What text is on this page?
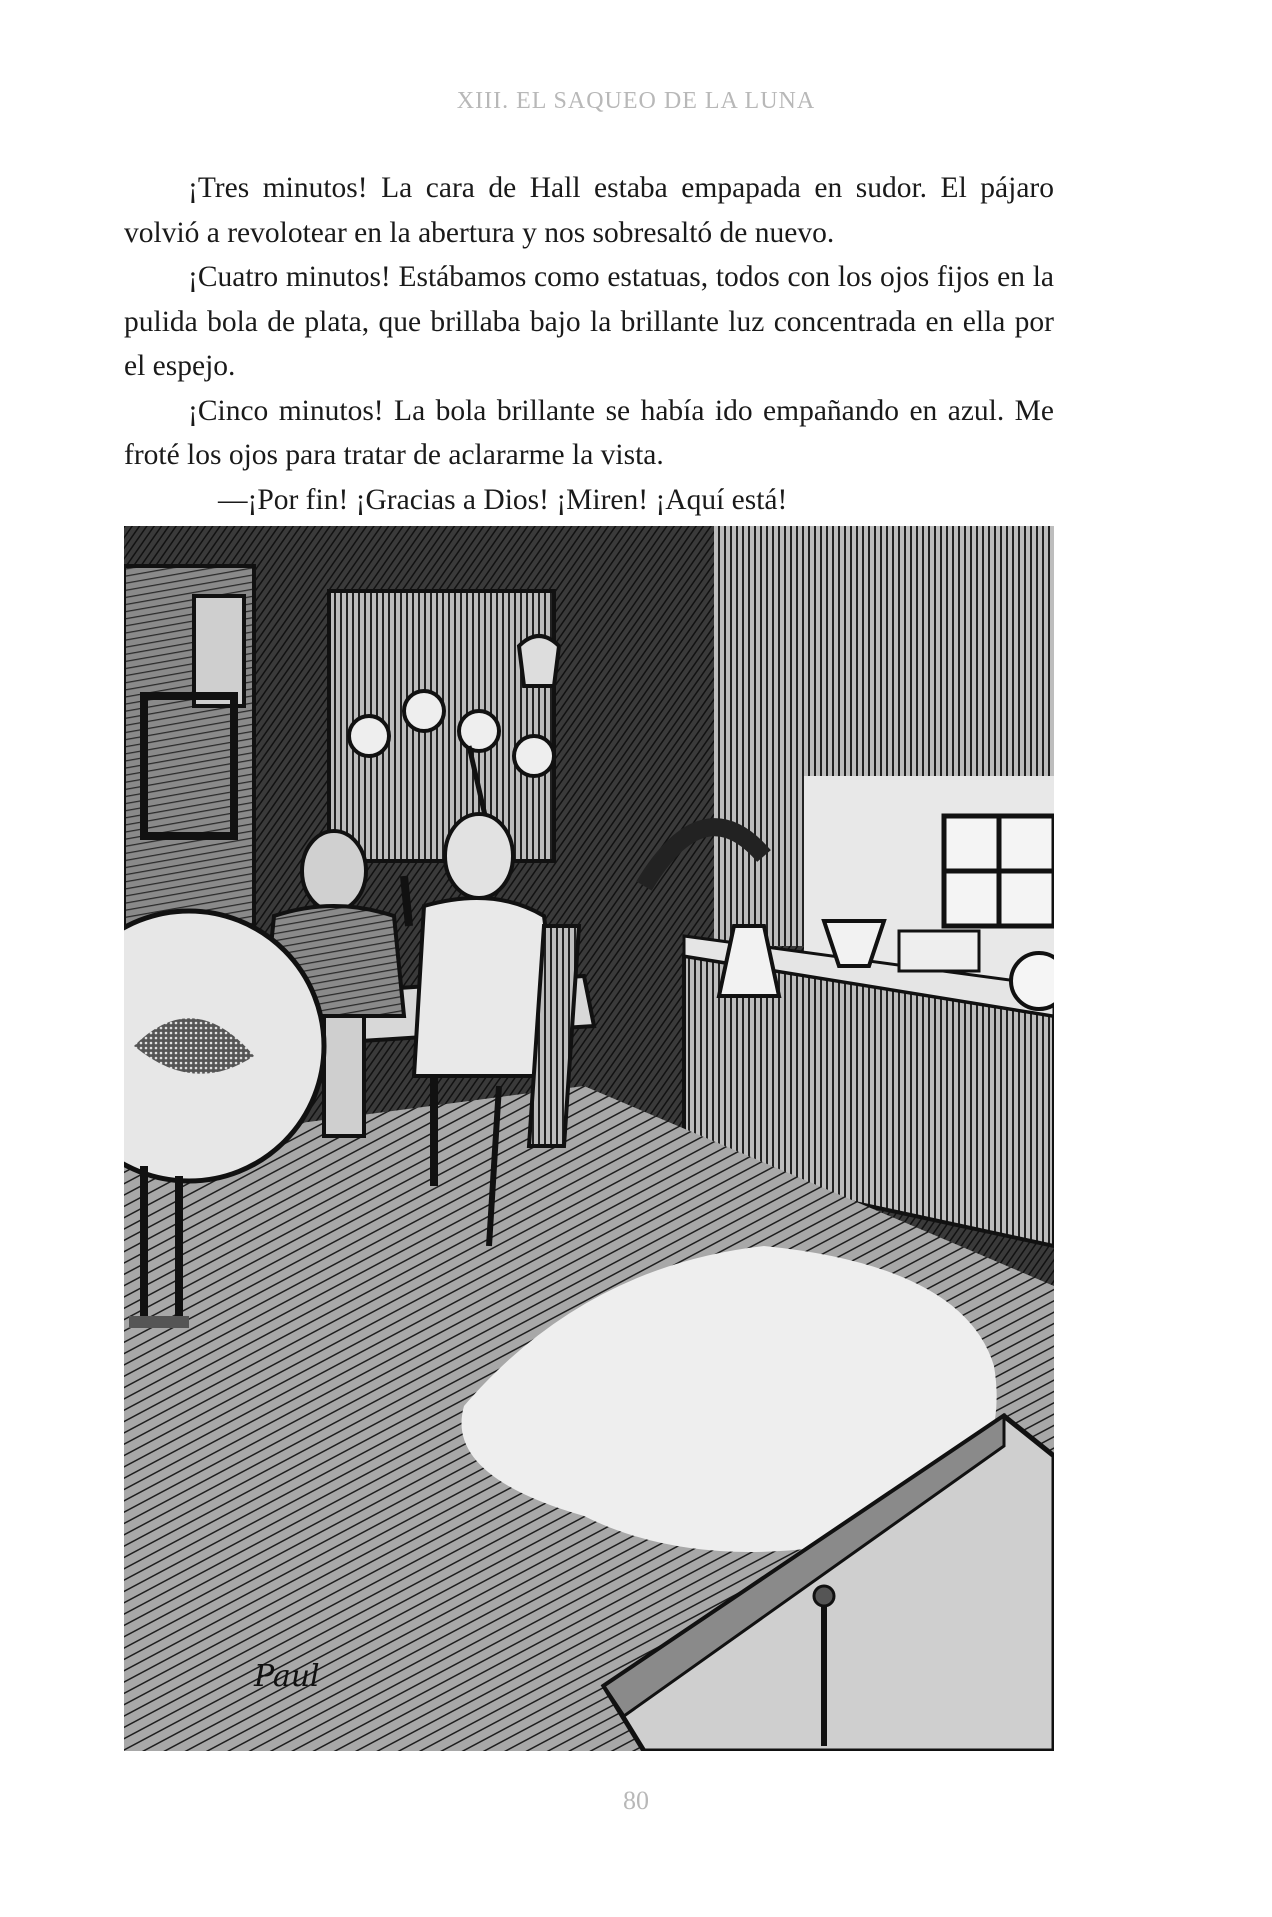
XIII. EL SAQUEO DE LA LUNA

¡Tres minutos! La cara de Hall estaba empapada en sudor. El pájaro volvió a revolotear en la abertura y nos sobresaltó de nuevo.

¡Cuatro minutos! Estábamos como estatuas, todos con los ojos fijos en la pulida bola de plata, que brillaba bajo la brillante luz concentrada en ella por el espejo.

¡Cinco minutos! La bola brillante se había ido empañando en azul. Me froté los ojos para tratar de aclararme la vista.

—¡Por fin! ¡Gracias a Dios! ¡Miren! ¡Aquí está!

Paul
80
